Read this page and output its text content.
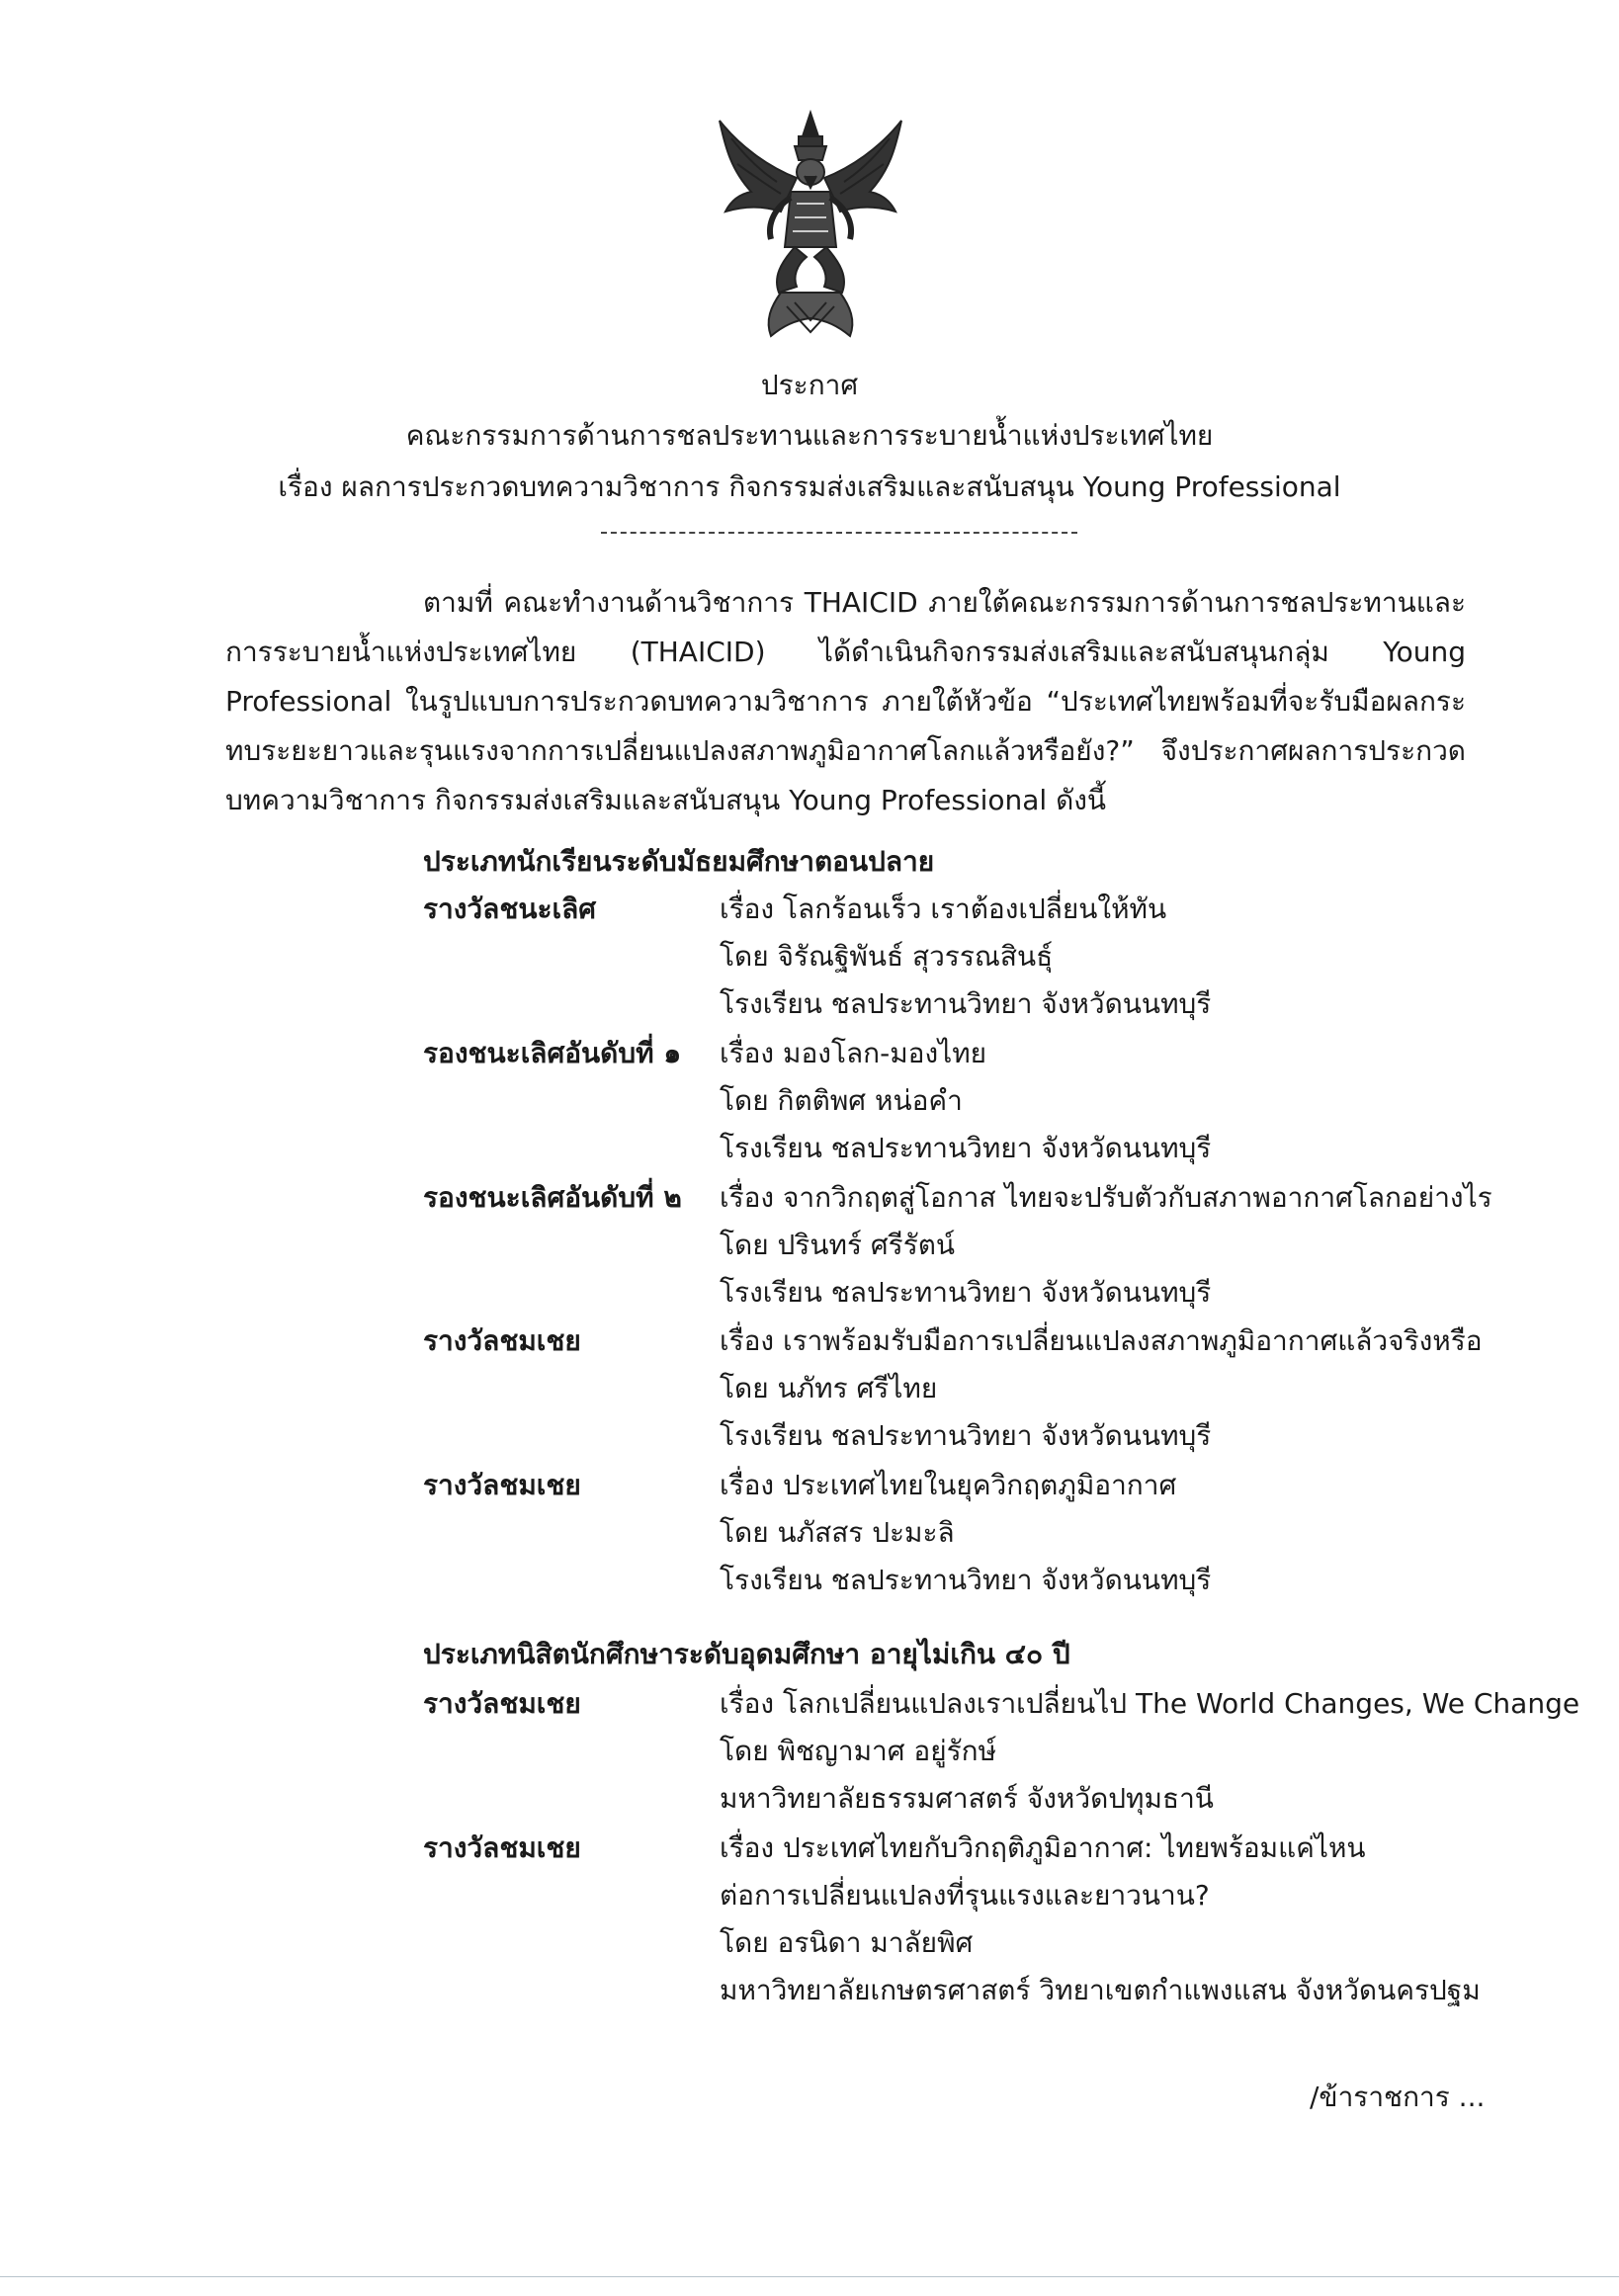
ประกาศ
คณะกรรมการด้านการชลประทานและการระบายน้ำแห่งประเทศไทย
เรื่อง ผลการประกวดบทความวิชาการ กิจกรรมส่งเสริมและสนับสนุน Young Professional
ตามที่ คณะทำงานด้านวิชาการ THAICID ภายใต้คณะกรรมการด้านการชลประทานและการระบายน้ำแห่งประเทศไทย (THAICID) ได้ดำเนินกิจกรรมส่งเสริมและสนับสนุนกลุ่ม Young Professional ในรูปแบบการประกวดบทความวิชาการ ภายใต้หัวข้อ “ประเทศไทยพร้อมที่จะรับมือผลกระทบระยะยาวและรุนแรงจากการเปลี่ยนแปลงสภาพภูมิอากาศโลกแล้วหรือยัง?” จึงประกาศผลการประกวดบทความวิชาการ กิจกรรมส่งเสริมและสนับสนุน Young Professional ดังนี้
ประเภทนักเรียนระดับมัธยมศึกษาตอนปลาย
รางวัลชนะเลิศ	เรื่อง โลกร้อนเร็ว เราต้องเปลี่ยนให้ทัน
โดย จิรัณฐิพันธ์ สุวรรณสินธุ์
โรงเรียน ชลประทานวิทยา จังหวัดนนทบุรี
รองชนะเลิศอันดับที่ ๑	เรื่อง มองโลก-มองไทย
โดย กิตติพศ หน่อคำ
โรงเรียน ชลประทานวิทยา จังหวัดนนทบุรี
รองชนะเลิศอันดับที่ ๒	เรื่อง จากวิกฤตสู่โอกาส ไทยจะปรับตัวกับสภาพอากาศโลกอย่างไร
โดย ปรินทร์ ศรีรัตน์
โรงเรียน ชลประทานวิทยา จังหวัดนนทบุรี
รางวัลชมเชย	เรื่อง เราพร้อมรับมือการเปลี่ยนแปลงสภาพภูมิอากาศแล้วจริงหรือ
โดย นภัทร ศรีไทย
โรงเรียน ชลประทานวิทยา จังหวัดนนทบุรี
รางวัลชมเชย	เรื่อง ประเทศไทยในยุควิกฤตภูมิอากาศ
โดย นภัสสร ปะมะลิ
โรงเรียน ชลประทานวิทยา จังหวัดนนทบุรี
ประเภทนิสิตนักศึกษาระดับอุดมศึกษา อายุไม่เกิน ๔๐ ปี
รางวัลชมเชย	เรื่อง โลกเปลี่ยนแปลงเราเปลี่ยนไป The World Changes, We Change
โดย พิชญามาศ อยู่รักษ์
มหาวิทยาลัยธรรมศาสตร์ จังหวัดปทุมธานี
รางวัลชมเชย	เรื่อง ประเทศไทยกับวิกฤติภูมิอากาศ: ไทยพร้อมแค่ไหน
ต่อการเปลี่ยนแปลงที่รุนแรงและยาวนาน?
โดย อรนิดา มาลัยพิศ
มหาวิทยาลัยเกษตรศาสตร์ วิทยาเขตกำแพงแสน จังหวัดนครปฐม
/ข้าราชการ ...
